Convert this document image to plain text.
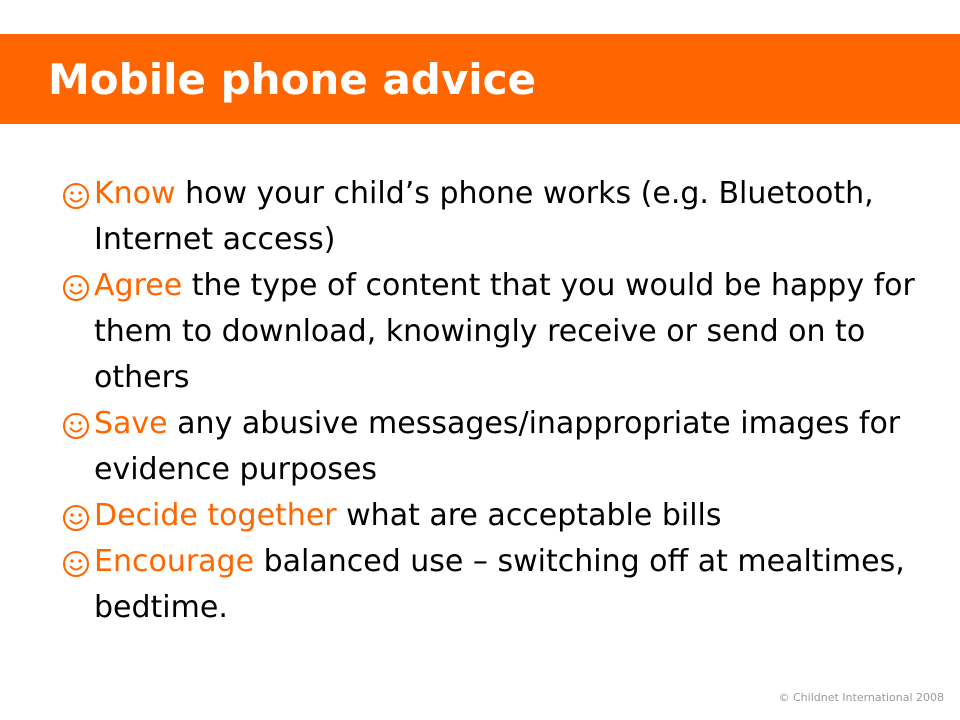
Mobile phone advice
Know how your child’s phone works (e.g. Bluetooth, Internet access)
Agree the type of content that you would be happy for them to download, knowingly receive or send on to others
Save any abusive messages/inappropriate images for evidence purposes
Decide together what are acceptable bills
Encourage balanced use – switching off at mealtimes, bedtime.
© Childnet International 2008
